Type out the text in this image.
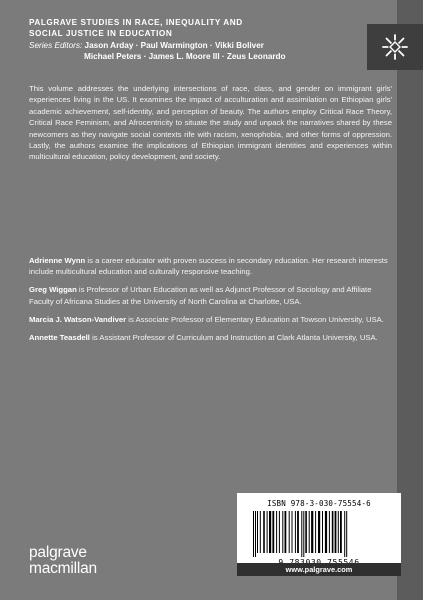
PALGRAVE STUDIES IN RACE, INEQUALITY AND
SOCIAL JUSTICE IN EDUCATION
Series Editors: Jason Arday · Paul Warmington · Vikki Boliver
Michael Peters · James L. Moore III · Zeus Leonardo

This volume addresses the underlying intersections of race, class, and gender on immigrant girls' experiences living in the US. It examines the impact of acculturation and assimilation on Ethiopian girls' academic achievement, self-identity, and perception of beauty. The authors employ Critical Race Theory, Critical Race Feminism, and Afrocentricity to situate the study and unpack the narratives shared by these newcomers as they navigate social contexts rife with racism, xenophobia, and other forms of oppression. Lastly, the authors examine the implications of Ethiopian immigrant identities and experiences within multicultural education, policy development, and society.

Adrienne Wynn is a career educator with proven success in secondary education. Her research interests include multicultural education and culturally responsive teaching.

Greg Wiggan is Professor of Urban Education as well as Adjunct Professor of Sociology and Affiliate Faculty of Africana Studies at the University of North Carolina at Charlotte, USA.

Marcia J. Watson-Vandiver is Associate Professor of Elementary Education at Towson University, USA.

Annette Teasdell is Assistant Professor of Curriculum and Instruction at Clark Atlanta University, USA.

palgrave
macmillan
ISBN 978-3-030-75554-6
www.palgrave.com
